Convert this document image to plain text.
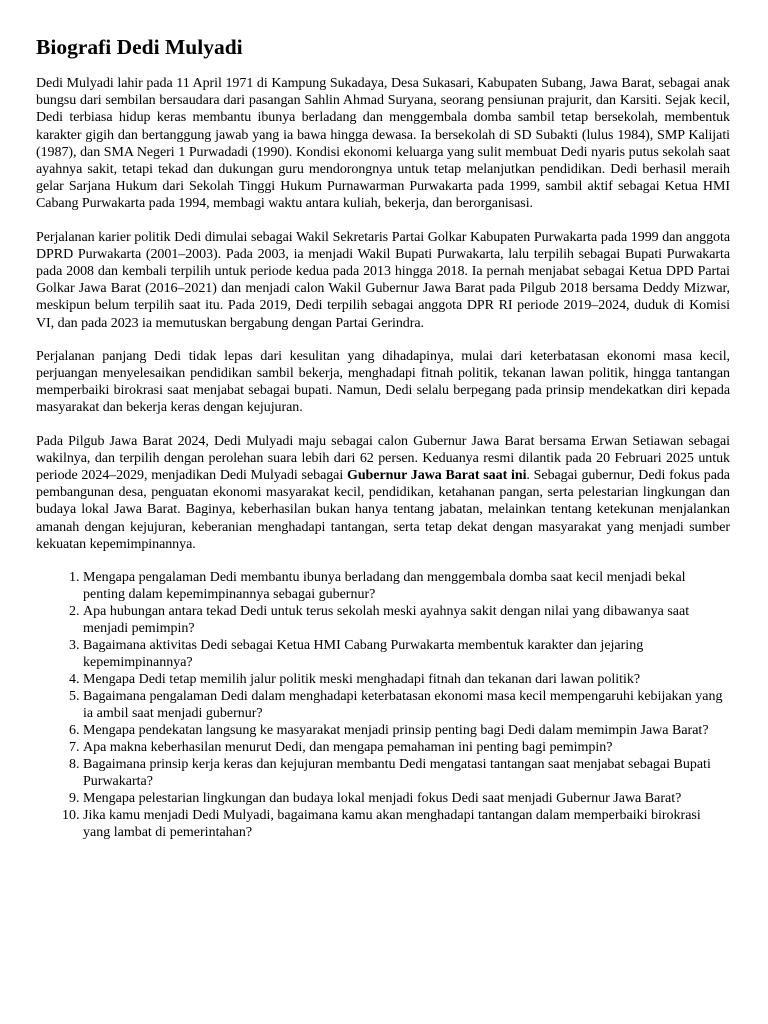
Biografi Dedi Mulyadi

Dedi Mulyadi lahir pada 11 April 1971 di Kampung Sukadaya, Desa Sukasari, Kabupaten Subang, Jawa Barat, sebagai anak bungsu dari sembilan bersaudara dari pasangan Sahlin Ahmad Suryana, seorang pensiunan prajurit, dan Karsiti. Sejak kecil, Dedi terbiasa hidup keras membantu ibunya berladang dan menggembala domba sambil tetap bersekolah, membentuk karakter gigih dan bertanggung jawab yang ia bawa hingga dewasa. Ia bersekolah di SD Subakti (lulus 1984), SMP Kalijati (1987), dan SMA Negeri 1 Purwadadi (1990). Kondisi ekonomi keluarga yang sulit membuat Dedi nyaris putus sekolah saat ayahnya sakit, tetapi tekad dan dukungan guru mendorongnya untuk tetap melanjutkan pendidikan. Dedi berhasil meraih gelar Sarjana Hukum dari Sekolah Tinggi Hukum Purnawarman Purwakarta pada 1999, sambil aktif sebagai Ketua HMI Cabang Purwakarta pada 1994, membagi waktu antara kuliah, bekerja, dan berorganisasi.

Perjalanan karier politik Dedi dimulai sebagai Wakil Sekretaris Partai Golkar Kabupaten Purwakarta pada 1999 dan anggota DPRD Purwakarta (2001–2003). Pada 2003, ia menjadi Wakil Bupati Purwakarta, lalu terpilih sebagai Bupati Purwakarta pada 2008 dan kembali terpilih untuk periode kedua pada 2013 hingga 2018. Ia pernah menjabat sebagai Ketua DPD Partai Golkar Jawa Barat (2016–2021) dan menjadi calon Wakil Gubernur Jawa Barat pada Pilgub 2018 bersama Deddy Mizwar, meskipun belum terpilih saat itu. Pada 2019, Dedi terpilih sebagai anggota DPR RI periode 2019–2024, duduk di Komisi VI, dan pada 2023 ia memutuskan bergabung dengan Partai Gerindra.

Perjalanan panjang Dedi tidak lepas dari kesulitan yang dihadapinya, mulai dari keterbatasan ekonomi masa kecil, perjuangan menyelesaikan pendidikan sambil bekerja, menghadapi fitnah politik, tekanan lawan politik, hingga tantangan memperbaiki birokrasi saat menjabat sebagai bupati. Namun, Dedi selalu berpegang pada prinsip mendekatkan diri kepada masyarakat dan bekerja keras dengan kejujuran.

Pada Pilgub Jawa Barat 2024, Dedi Mulyadi maju sebagai calon Gubernur Jawa Barat bersama Erwan Setiawan sebagai wakilnya, dan terpilih dengan perolehan suara lebih dari 62 persen. Keduanya resmi dilantik pada 20 Februari 2025 untuk periode 2024–2029, menjadikan Dedi Mulyadi sebagai Gubernur Jawa Barat saat ini. Sebagai gubernur, Dedi fokus pada pembangunan desa, penguatan ekonomi masyarakat kecil, pendidikan, ketahanan pangan, serta pelestarian lingkungan dan budaya lokal Jawa Barat. Baginya, keberhasilan bukan hanya tentang jabatan, melainkan tentang ketekunan menjalankan amanah dengan kejujuran, keberanian menghadapi tantangan, serta tetap dekat dengan masyarakat yang menjadi sumber kekuatan kepemimpinannya.

1. Mengapa pengalaman Dedi membantu ibunya berladang dan menggembala domba saat kecil menjadi bekal penting dalam kepemimpinannya sebagai gubernur?
2. Apa hubungan antara tekad Dedi untuk terus sekolah meski ayahnya sakit dengan nilai yang dibawanya saat menjadi pemimpin?
3. Bagaimana aktivitas Dedi sebagai Ketua HMI Cabang Purwakarta membentuk karakter dan jejaring kepemimpinannya?
4. Mengapa Dedi tetap memilih jalur politik meski menghadapi fitnah dan tekanan dari lawan politik?
5. Bagaimana pengalaman Dedi dalam menghadapi keterbatasan ekonomi masa kecil mempengaruhi kebijakan yang ia ambil saat menjadi gubernur?
6. Mengapa pendekatan langsung ke masyarakat menjadi prinsip penting bagi Dedi dalam memimpin Jawa Barat?
7. Apa makna keberhasilan menurut Dedi, dan mengapa pemahaman ini penting bagi pemimpin?
8. Bagaimana prinsip kerja keras dan kejujuran membantu Dedi mengatasi tantangan saat menjabat sebagai Bupati Purwakarta?
9. Mengapa pelestarian lingkungan dan budaya lokal menjadi fokus Dedi saat menjadi Gubernur Jawa Barat?
10. Jika kamu menjadi Dedi Mulyadi, bagaimana kamu akan menghadapi tantangan dalam memperbaiki birokrasi yang lambat di pemerintahan?
